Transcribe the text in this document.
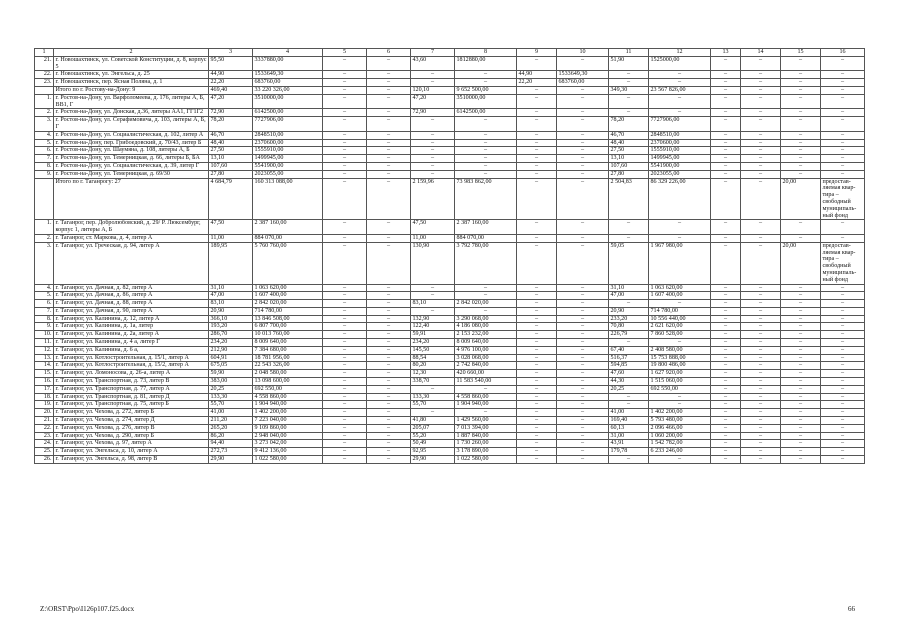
1	2	3	4	5	6	7	8	9	10	11	12	13	14	15	16
21.	г. Новошахтинск, ул. Советской Конституции, д. 8, корпус 5	95,50	3337880,00	–	–	43,60	1812880,00	–	–	51,90	1525000,00	–	–	–	–
22.	г. Новошахтинск, ул. Энгельса, д. 25	44,90	1533649,30	–	–	–	–	44,90	1533649,30	–	–	–	–	–	–
23.	г. Новошахтинск, пер. Ясная Поляна, д. 1	22,20	683760,00	–	–	–	–	22,20	683760,00	–	–	–	–	–	–
	Итого по г. Ростову-на-Дону: 9	469,40	33 220 326,00	–	–	120,10	9 652 500,00	–	–	349,30	23 567 826,00	–	–	–	–
1.	г. Ростов-на-Дону, ул. Варфоломеева, д. 176, литеры А, Б, ВВ1, Г	47,20	3510000,00	–	–	47,20	3510000,00	–	–	–	–	–	–	–	–
2.	г. Ростов-на-Дону, ул. Донская, д.36, литеры АА1, ГГ1Г2	72,90	6142500,00	–	–	72,90	6142500,00	–	–	–	–	–	–	–	–
3.	г. Ростов-на-Дону, ул. Серафимовича, д. 103, литеры А, Б, Г	78,20	7727906,00	–	–	–	–	–	–	78,20	7727906,00	–	–	–	–
4.	г. Ростов-на-Дону, ул. Социалистическая, д. 102, литер А	46,70	2848510,00	–	–	–	–	–	–	46,70	2848510,00	–	–	–	–
5.	г. Ростов-на-Дону, пер. Грибоедовский, д. 70/43, литер Б	48,40	2370600,00	–	–	–	–	–	–	48,40	2370600,00	–	–	–	–
6.	г. Ростов-на-Дону, ул. Шаумяна, д. 108, литеры А, Б	27,50	1555910,00	–	–	–	–	–	–	27,50	1555910,00	–	–	–	–
7.	г. Ростов-на-Дону, ул. Темерницкая, д. 66, литеры Б, БА	13,10	1499945,00	–	–	–	–	–	–	13,10	1499945,00	–	–	–	–
8.	г. Ростов-на-Дону, ул. Социалистическая, д. 39, литер Г	107,60	5541900,00	–	–	–	–	–	–	107,60	5541900,00	–	–	–	–
9.	г. Ростов-на-Дону, ул. Темерницкая, д. 69/30	27,80	2023055,00	–	–	–	–	–	–	27,80	2023055,00	–	–	–	–
	Итого по г. Таганрогу: 27	4 684,79	160 313 088,00	–	–	2 159,96	73 983 862,00	–	–	2 504,83	86 329 226,00	–	–	20,00	предостав-ляемая квар-тира – свободный муниципаль-ный фонд
1.	г. Таганрог, пер. Добролюбовский, д. 29/ Р. Люксембург, корпус 1, литеры А, Б	47,50	2 387 160,00	–	–	47,50	2 387 160,00	–	–	–	–	–	–	–	–
2.	г. Таганрог, ст. Маркова, д. 4, литер А	11,00	884 070,00	–	–	11,00	884 070,00	–	–	–	–	–	–	–	–
3.	г. Таганрог, ул. Греческая, д. 94, литер А	189,95	5 760 760,00	–	–	130,90	3 792 780,00	–	–	59,05	1 967 980,00	–	–	20,00	предостав-ляемая квар-тира – свободный муниципаль-ный фонд
4.	г. Таганрог, ул. Дачная, д. 82, литер А	31,10	1 063 620,00	–	–	–	–	–	–	31,10	1 063 620,00	–	–	–	–
5.	г. Таганрог, ул. Дачная, д. 86, литер А	47,00	1 607 400,00	–	–	–	–	–	–	47,00	1 607 400,00	–	–	–	–
6.	г. Таганрог, ул. Дачная, д. 88, литер А	83,10	2 842 020,00	–	–	83,10	2 842 020,00	–	–	–	–	–	–	–	–
7.	г. Таганрог, ул. Дачная, д. 90, литер А	20,90	714 780,00	–	–	–	–	–	–	20,90	714 780,00	–	–	–	–
8.	г. Таганрог, ул. Калинина, д. 12, литер А	366,10	13 846 508,00	–	–	132,90	3 290 068,00	–	–	233,20	10 556 440,00	–	–	–	–
9.	г. Таганрог, ул. Калинина, д. 1а, литер	193,20	6 807 700,00	–	–	122,40	4 186 080,00	–	–	70,80	2 621 620,00	–	–	–	–
10.	г. Таганрог, ул. Калинина, д. 2а, литер А	286,70	10 013 760,00	–	–	59,91	2 153 232,00	–	–	226,79	7 860 528,00	–	–	–	–
11.	г. Таганрог, ул. Калинина, д. 4 а, литер Г	234,20	8 009 640,00	–	–	234,20	8 009 640,00	–	–	–	–	–	–	–	–
12.	г. Таганрог, ул. Калинина, д. 6 а,	212,90	7 384 680,00	–	–	145,50	4 976 100,00	–	–	67,40	2 408 580,00	–	–	–	–
13.	г. Таганрог, ул. Котлостроительная, д. 15/1, литер А	604,91	18 781 956,00	–	–	88,54	3 028 068,00	–	–	516,37	15 753 888,00	–	–	–	–
14.	г. Таганрог, ул. Котлостроительная, д. 15/2, литер А	675,05	22 543 326,00	–	–	80,20	2 742 840,00	–	–	594,85	19 800 486,00	–	–	–	–
15.	г. Таганрог, ул. Ломоносова, д. 26-а, литер А	59,90	2 048 580,00	–	–	12,30	420 660,00	–	–	47,60	1 627 920,00	–	–	–	–
16.	г. Таганрог, ул. Транспортная, д. 73, литер В	383,00	13 098 600,00	–	–	338,70	11 583 540,00	–	–	44,30	1 515 060,00	–	–	–	–
17.	г. Таганрог, ул. Транспортная, д. 77, литер А	20,25	692 550,00	–	–	–	–	–	–	20,25	692 550,00	–	–	–	–
18.	г. Таганрог, ул. Транспортная, д. 81, литер Д	133,30	4 558 860,00	–	–	133,30	4 558 860,00	–	–	–	–	–	–	–	–
19.	г. Таганрог, ул. Транспортная, д. 75, литер Б	55,70	1 904 940,00	–	–	55,70	1 904 940,00	–	–	–	–	–	–	–	–
20.	г. Таганрог, ул. Чехова, д. 272, литер Б	41,00	1 402 200,00	–	–	–	–	–	–	41,00	1 402 200,00	–	–	–	–
21.	г. Таганрог, ул. Чехова, д. 274, литер Д	211,20	7 223 040,00	–	–	41,80	1 429 560,00	–	–	169,40	5 793 480,00	–	–	–	–
22.	г. Таганрог, ул. Чехова, д. 276, литер В	265,20	9 109 860,00	–	–	205,07	7 013 394,00	–	–	60,13	2 096 466,00	–	–	–	–
23.	г. Таганрог, ул. Чехова, д. 290, литер Б	86,20	2 948 040,00	–	–	55,20	1 887 840,00	–	–	31,00	1 060 200,00	–	–	–	–
24.	г. Таганрог, ул. Чехова, д. 97, литер А	94,40	3 273 042,00	–	–	50,49	1 730 260,00	–	–	43,91	1 542 782,00	–	–	–	–
25.	г. Таганрог, ул. Энгельса, д. 10, литер А	272,73	9 412 136,00	–	–	92,95	3 178 890,00	–	–	179,78	6 233 246,00	–	–	–	–
26.	г. Таганрог, ул. Энгельса, д. 98, литер В	29,90	1 022 580,00	–	–	29,90	1 022 580,00	–	–	–	–	–	–	–	–
Z:\ORST\Ppo\I126p107.f25.docx	66
